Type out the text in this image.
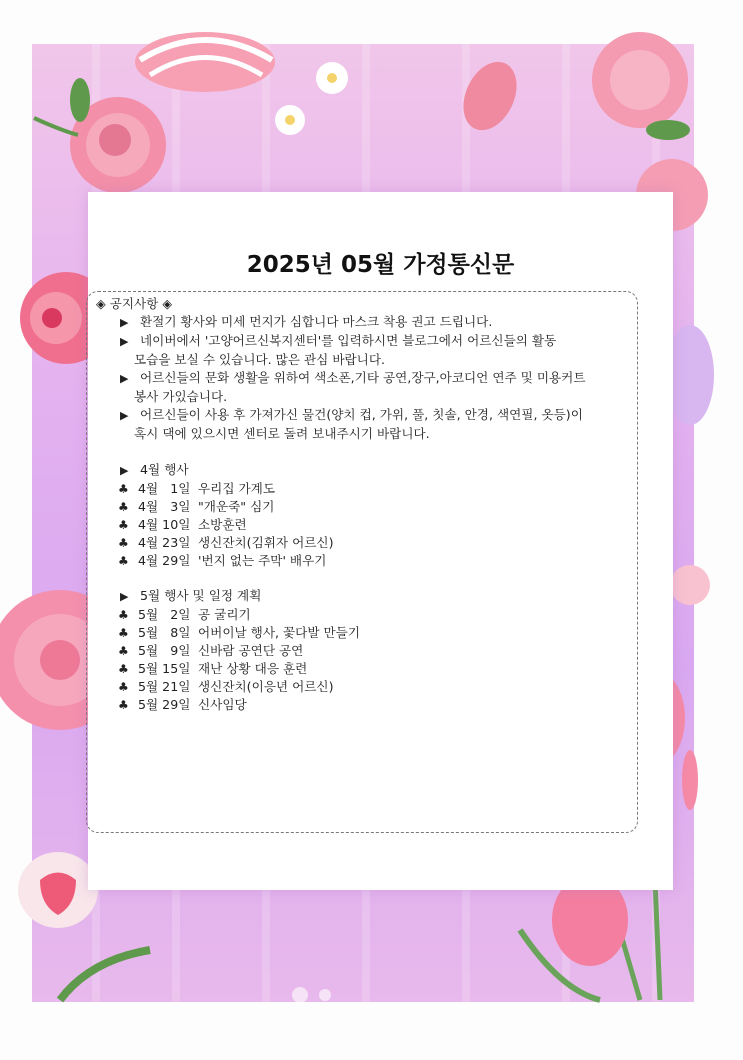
2025년 05월 가정통신문
◈ 공지사항 ◈
▶ 환절기 황사와 미세 먼지가 심합니다 마스크 착용 권고 드립니다.
▶ 네이버에서 '고양어르신복지센터'를 입력하시면 블로그에서 어르신들의 활동
모습을 보실 수 있습니다. 많은 관심 바랍니다.
▶ 어르신들의 문화 생활을 위하여 색소폰,기타 공연,장구,아코디언 연주 및 미용커트
봉사 가있습니다.
▶ 어르신들이 사용 후 가져가신 물건(양치 컵, 가위, 풀, 칫솔, 안경, 색연필, 옷등)이
혹시 댁에 있으시면 센터로 돌려 보내주시기 바랍니다.
▶ 4월 행사
♣ 4월   1일 우리집 가계도
♣ 4월   3일 "개운죽" 심기
♣ 4월 10일 소방훈련
♣ 4월 23일 생신잔치(김휘자 어르신)
♣ 4월 29일 '번지 없는 주막' 배우기
▶ 5월 행사 및 일정 계획
♣ 5월   2일 공 굴리기
♣ 5월   8일 어버이날 행사, 꽃다발 만들기
♣ 5월   9일 신바람 공연단 공연
♣ 5월 15일 재난 상황 대응 훈련
♣ 5월 21일 생신잔치(이응년 어르신)
♣ 5월 29일 신사임당
